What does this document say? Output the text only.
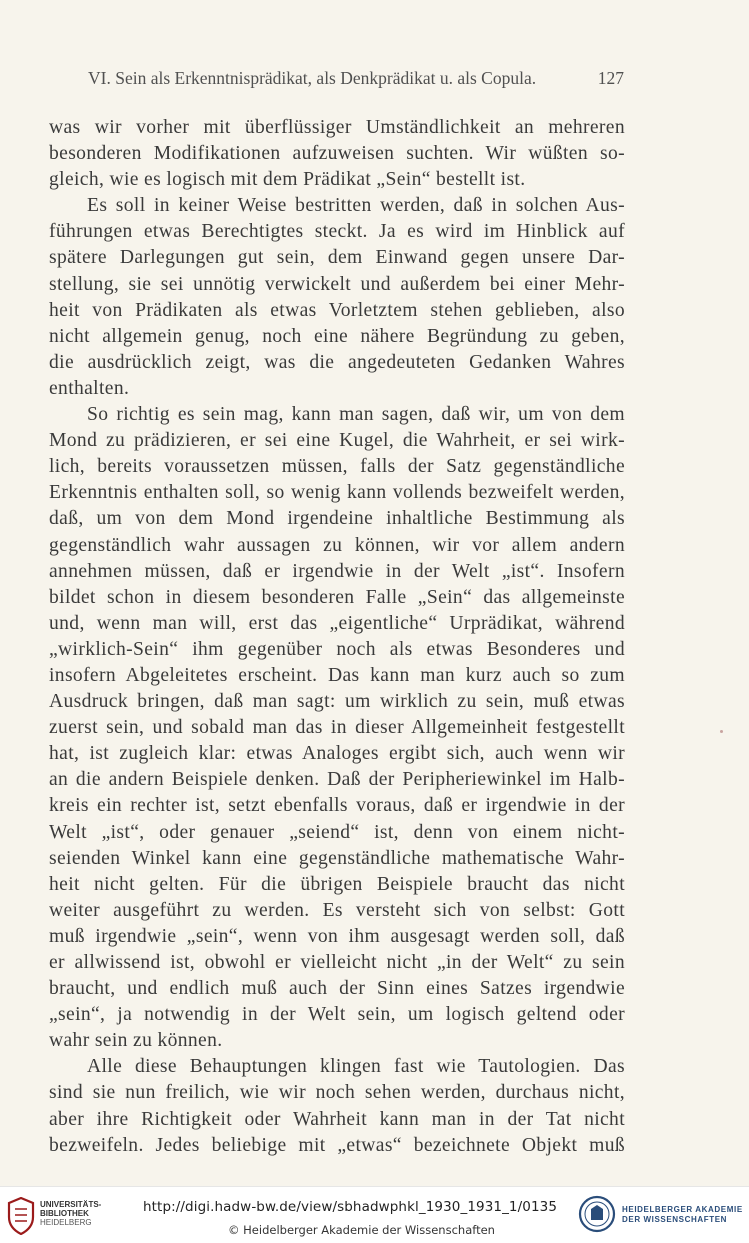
VI. Sein als Erkenntnisprädikat, als Denkprädikat u. als Copula.	127
was wir vorher mit überflüssiger Umständlichkeit an mehreren
besonderen Modifikationen aufzuweisen suchten. Wir wüßten so-
gleich, wie es logisch mit dem Prädikat „Sein“ bestellt ist.
Es soll in keiner Weise bestritten werden, daß in solchen Aus-
führungen etwas Berechtigtes steckt. Ja es wird im Hinblick auf
spätere Darlegungen gut sein, dem Einwand gegen unsere Dar-
stellung, sie sei unnötig verwickelt und außerdem bei einer Mehr-
heit von Prädikaten als etwas Vorletztem stehen geblieben, also
nicht allgemein genug, noch eine nähere Begründung zu geben,
die ausdrücklich zeigt, was die angedeuteten Gedanken Wahres
enthalten.
So richtig es sein mag, kann man sagen, daß wir, um von dem
Mond zu prädizieren, er sei eine Kugel, die Wahrheit, er sei wirk-
lich, bereits voraussetzen müssen, falls der Satz gegenständliche
Erkenntnis enthalten soll, so wenig kann vollends bezweifelt werden,
daß, um von dem Mond irgendeine inhaltliche Bestimmung als
gegenständlich wahr aussagen zu können, wir vor allem andern
annehmen müssen, daß er irgendwie in der Welt „ist“. Insofern
bildet schon in diesem besonderen Falle „Sein“ das allgemeinste
und, wenn man will, erst das „eigentliche“ Urprädikat, während
„wirklich-Sein“ ihm gegenüber noch als etwas Besonderes und
insofern Abgeleitetes erscheint. Das kann man kurz auch so zum
Ausdruck bringen, daß man sagt: um wirklich zu sein, muß etwas
zuerst sein, und sobald man das in dieser Allgemeinheit festgestellt
hat, ist zugleich klar: etwas Analoges ergibt sich, auch wenn wir
an die andern Beispiele denken. Daß der Peripheriewinkel im Halb-
kreis ein rechter ist, setzt ebenfalls voraus, daß er irgendwie in der
Welt „ist“, oder genauer „seiend“ ist, denn von einem nicht-
seienden Winkel kann eine gegenständliche mathematische Wahr-
heit nicht gelten. Für die übrigen Beispiele braucht das nicht
weiter ausgeführt zu werden. Es versteht sich von selbst: Gott
muß irgendwie „sein“, wenn von ihm ausgesagt werden soll, daß
er allwissend ist, obwohl er vielleicht nicht „in der Welt“ zu sein
braucht, und endlich muß auch der Sinn eines Satzes irgendwie
„sein“, ja notwendig in der Welt sein, um logisch geltend oder
wahr sein zu können.
Alle diese Behauptungen klingen fast wie Tautologien. Das
sind sie nun freilich, wie wir noch sehen werden, durchaus nicht,
aber ihre Richtigkeit oder Wahrheit kann man in der Tat nicht
bezweifeln. Jedes beliebige mit „etwas“ bezeichnete Objekt muß
UNIVERSITÄTS-
BIBLIOTHEK
HEIDELBERG
http://digi.hadw-bw.de/view/sbhadwphkl_1930_1931_1/0135
© Heidelberger Akademie der Wissenschaften
HEIDELBERGER AKADEMIE
DER WISSENSCHAFTEN
